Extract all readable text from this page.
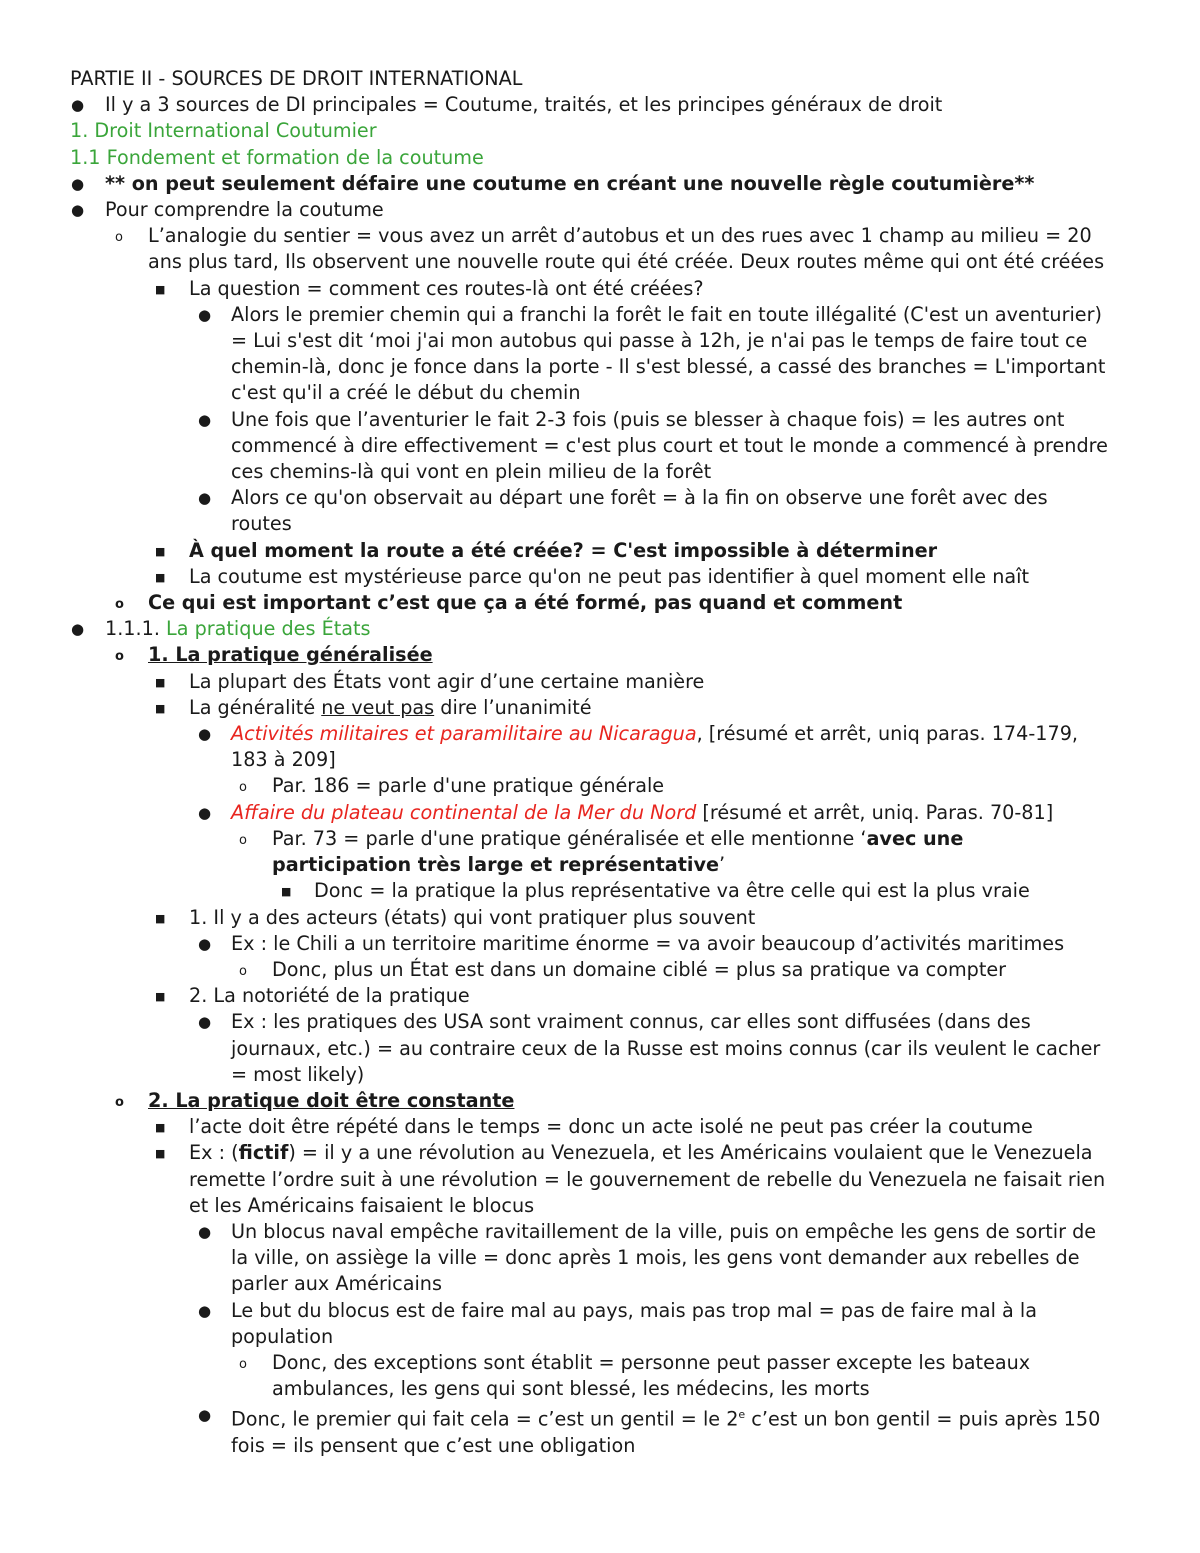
PARTIE II - SOURCES DE DROIT INTERNATIONAL
● Il y a 3 sources de DI principales = Coutume, traités, et les principes généraux de droit
1. Droit International Coutumier
1.1 Fondement et formation de la coutume
● ** on peut seulement défaire une coutume en créant une nouvelle règle coutumière**
● Pour comprendre la coutume
o L’analogie du sentier = vous avez un arrêt d’autobus et un des rues avec 1 champ au milieu = 20
ans plus tard, Ils observent une nouvelle route qui été créée. Deux routes même qui ont été créées
■ La question = comment ces routes-là ont été créées?
● Alors le premier chemin qui a franchi la forêt le fait en toute illégalité (C'est un aventurier)
= Lui s'est dit ‘moi j'ai mon autobus qui passe à 12h, je n'ai pas le temps de faire tout ce
chemin-là, donc je fonce dans la porte - Il s'est blessé, a cassé des branches = L'important
c'est qu'il a créé le début du chemin
● Une fois que l’aventurier le fait 2-3 fois (puis se blesser à chaque fois) = les autres ont
commencé à dire effectivement = c'est plus court et tout le monde a commencé à prendre
ces chemins-là qui vont en plein milieu de la forêt
● Alors ce qu'on observait au départ une forêt = à la fin on observe une forêt avec des
routes
■ À quel moment la route a été créée? = C'est impossible à déterminer
■ La coutume est mystérieuse parce qu'on ne peut pas identifier à quel moment elle naît
o Ce qui est important c’est que ça a été formé, pas quand et comment
● 1.1.1. La pratique des États
o 1. La pratique généralisée
■ La plupart des États vont agir d’une certaine manière
■ La généralité ne veut pas dire l’unanimité
● Activités militaires et paramilitaire au Nicaragua, [résumé et arrêt, uniq paras. 174-179,
183 à 209]
o Par. 186 = parle d'une pratique générale
● Affaire du plateau continental de la Mer du Nord [résumé et arrêt, uniq. Paras. 70-81]
o Par. 73 = parle d'une pratique généralisée et elle mentionne ‘avec une
participation très large et représentative’
■ Donc = la pratique la plus représentative va être celle qui est la plus vraie
■ 1. Il y a des acteurs (états) qui vont pratiquer plus souvent
● Ex : le Chili a un territoire maritime énorme = va avoir beaucoup d’activités maritimes
o Donc, plus un État est dans un domaine ciblé = plus sa pratique va compter
■ 2. La notoriété de la pratique
● Ex : les pratiques des USA sont vraiment connus, car elles sont diffusées (dans des
journaux, etc.) = au contraire ceux de la Russe est moins connus (car ils veulent le cacher
= most likely)
o 2. La pratique doit être constante
■ l’acte doit être répété dans le temps = donc un acte isolé ne peut pas créer la coutume
■ Ex : (fictif) = il y a une révolution au Venezuela, et les Américains voulaient que le Venezuela
remette l’ordre suit à une révolution = le gouvernement de rebelle du Venezuela ne faisait rien
et les Américains faisaient le blocus
● Un blocus naval empêche ravitaillement de la ville, puis on empêche les gens de sortir de
la ville, on assiège la ville = donc après 1 mois, les gens vont demander aux rebelles de
parler aux Américains
● Le but du blocus est de faire mal au pays, mais pas trop mal = pas de faire mal à la
population
o Donc, des exceptions sont établit = personne peut passer excepte les bateaux
ambulances, les gens qui sont blessé, les médecins, les morts
● Donc, le premier qui fait cela = c’est un gentil = le 2e c’est un bon gentil = puis après 150
fois = ils pensent que c’est une obligation
